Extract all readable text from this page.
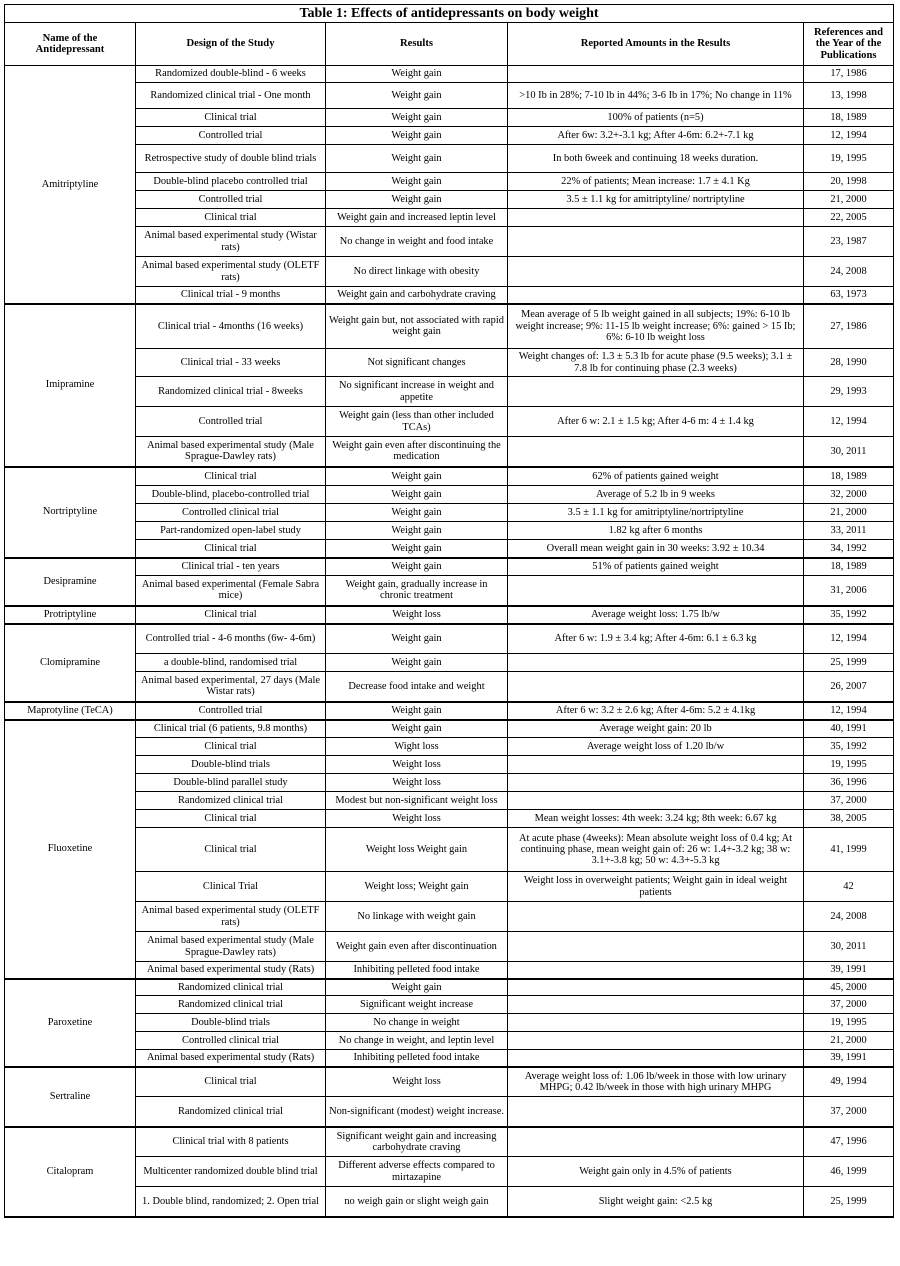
Table 1: Effects of antidepressants on body weight				
Name of the Antidepressant	Design of the Study	Results	Reported Amounts in the Results	References and the Year of the Publications
Amitriptyline	Randomized double-blind - 6 weeks	Weight gain		17, 1986
	Randomized clinical trial - One month	Weight gain	>10 Ib in 28%; 7-10 lb in 44%; 3-6 Ib in 17%; No change in 11%	13, 1998
	Clinical trial	Weight gain	100% of patients (n=5)	18, 1989
	Controlled trial	Weight gain	After 6w: 3.2+-3.1 kg; After 4-6m: 6.2+-7.1 kg	12, 1994
	Retrospective study of double blind trials	Weight gain	In both 6week and continuing 18 weeks duration.	19, 1995
	Double-blind placebo controlled trial	Weight gain	22% of patients; Mean increase: 1.7 ± 4.1 Kg	20, 1998
	Controlled trial	Weight gain	3.5 ± 1.1 kg for amitriptyline/ nortriptyline	21, 2000
	Clinical trial	Weight gain and increased leptin level		22, 2005
	Animal based experimental study (Wistar rats)	No change in weight and food intake		23, 1987
	Animal based experimental study (OLETF rats)	No direct linkage with obesity		24, 2008
	Clinical trial - 9 months	Weight gain and carbohydrate craving		63, 1973
Imipramine	Clinical trial - 4months (16 weeks)	Weight gain but, not associated with rapid weight gain	Mean average of 5 lb weight gained in all subjects; 19%: 6-10 lb weight increase; 9%: 11-15 lb weight increase; 6%: gained > 15 Ib; 6%: 6-10 lb weight loss	27, 1986
	Clinical trial - 33 weeks	Not significant changes	Weight changes of: 1.3 ± 5.3 lb for acute phase (9.5 weeks); 3.1 ± 7.8 lb for continuing phase (2.3 weeks)	28, 1990
	Randomized clinical trial - 8weeks	No significant increase in weight and appetite		29, 1993
	Controlled trial	Weight gain (less than other included TCAs)	After 6 w: 2.1 ± 1.5 kg; After 4-6 m: 4 ± 1.4 kg	12, 1994
	Animal based experimental study (Male Sprague-Dawley rats)	Weight gain even after discontinuing the medication		30, 2011
Nortriptyline	Clinical trial	Weight gain	62% of patients gained weight	18, 1989
	Double-blind, placebo-controlled trial	Weight gain	Average of 5.2 lb in 9 weeks	32, 2000
	Controlled clinical trial	Weight gain	3.5 ± 1.1 kg for amitriptyline/nortriptyline	21, 2000
	Part-randomized open-label study	Weight gain	1.82 kg after 6 months	33, 2011
	Clinical trial	Weight gain	Overall mean weight gain in 30 weeks: 3.92 ± 10.34	34, 1992
Desipramine	Clinical trial - ten years	Weight gain	51% of patients gained weight	18, 1989
	Animal based experimental (Female Sabra mice)	Weight gain, gradually increase in chronic treatment		31, 2006
Protriptyline	Clinical trial	Weight loss	Average weight loss: 1.75 lb/w	35, 1992
Clomipramine	Controlled trial - 4-6 months (6w- 4-6m)	Weight gain	After 6 w: 1.9 ± 3.4 kg; After 4-6m: 6.1 ± 6.3 kg	12, 1994
	a double-blind, randomised trial	Weight gain		25, 1999
	Animal based experimental, 27 days (Male Wistar rats)	Decrease food intake and weight		26, 2007
Maprotyline (TeCA)	Controlled trial	Weight gain	After 6 w: 3.2 ± 2.6 kg; After 4-6m: 5.2 ± 4.1kg	12, 1994
Fluoxetine	Clinical trial (6 patients, 9.8 months)	Weight gain	Average weight gain: 20 lb	40, 1991
	Clinical trial	Wight loss	Average weight loss of 1.20 lb/w	35, 1992
	Double-blind trials	Weight loss		19, 1995
	Double-blind parallel study	Weight loss		36, 1996
	Randomized clinical trial	Modest but non-significant weight loss		37, 2000
	Clinical trial	Weight loss	Mean weight losses: 4th week: 3.24 kg; 8th week: 6.67 kg	38, 2005
	Clinical trial	Weight loss Weight gain	At acute phase (4weeks): Mean absolute weight loss of 0.4 kg; At continuing phase, mean weight gain of: 26 w: 1.4+-3.2 kg; 38 w: 3.1+-3.8 kg; 50 w: 4.3+-5.3 kg	41, 1999
	Clinical Trial	Weight loss; Weight gain	Weight loss in overweight patients; Weight gain in ideal weight patients	42
	Animal based experimental study (OLETF rats)	No linkage with weight gain		24, 2008
	Animal based experimental study (Male Sprague-Dawley rats)	Weight gain even after discontinuation		30, 2011
	Animal based experimental study (Rats)	Inhibiting pelleted food intake		39, 1991
Paroxetine	Randomized clinical trial	Weight gain		45, 2000
	Randomized clinical trial	Significant weight increase		37, 2000
	Double-blind trials	No change in weight		19, 1995
	Controlled clinical trial	No change in weight, and leptin level		21, 2000
	Animal based experimental study (Rats)	Inhibiting pelleted food intake		39, 1991
Sertraline	Clinical trial	Weight loss	Average weight loss of: 1.06 lb/week in those with low urinary MHPG; 0.42 lb/week in those with high urinary MHPG	49, 1994
	Randomized clinical trial	Non-significant (modest) weight increase.		37, 2000
Citalopram	Clinical trial with 8 patients	Significant weight gain and increasing carbohydrate craving		47, 1996
	Multicenter randomized double blind trial	Different adverse effects compared to mirtazapine	Weight gain only in 4.5% of patients	46, 1999
	1. Double blind, randomized; 2. Open trial	no weigh gain or slight weigh gain	Slight weight gain: <2.5 kg	25, 1999
